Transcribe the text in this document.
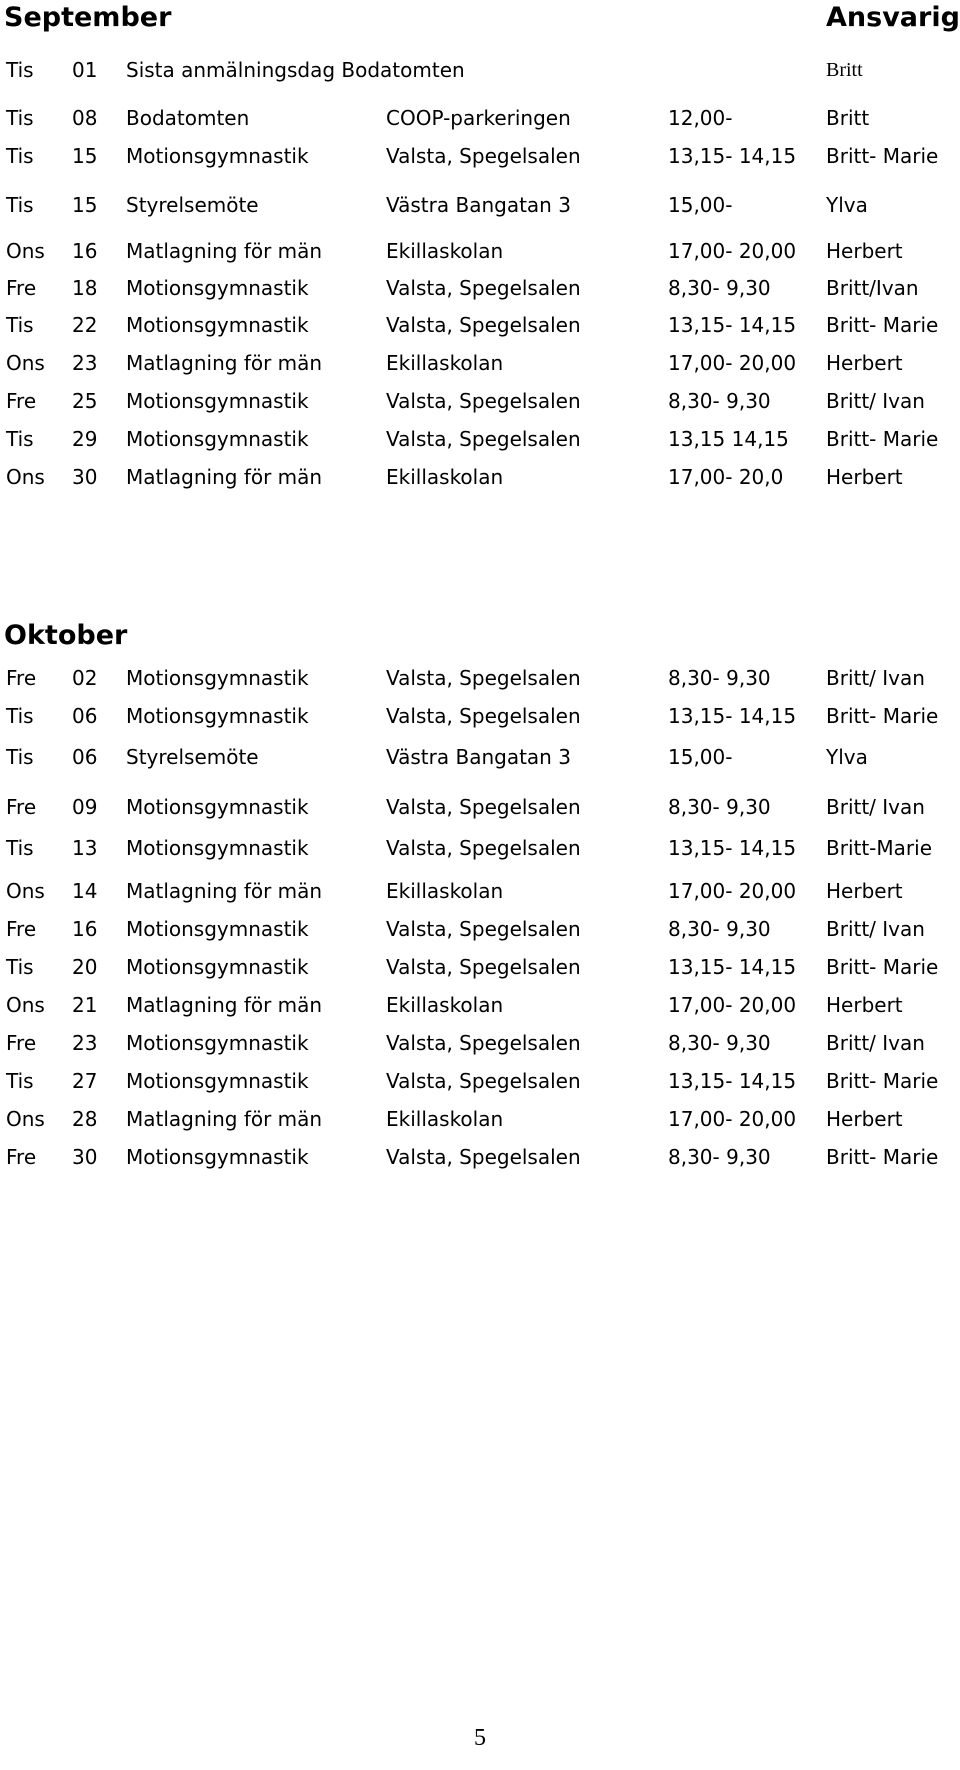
September	Ansvarig
Tis 01 Sista anmälningsdag Bodatomten	Britt
Tis 08 Bodatomten	COOP-parkeringen	12,00-	Britt
Tis 15 Motionsgymnastik	Valsta, Spegelsalen	13,15- 14,15 Britt- Marie
Tis 15 Styrelsemöte	Västra Bangatan 3	15,00-	Ylva
Ons 16 Matlagning för män	Ekillaskolan	17,00- 20,00 Herbert
Fre 18 Motionsgymnastik	Valsta, Spegelsalen	8,30- 9,30	Britt/Ivan
Tis 22 Motionsgymnastik	Valsta, Spegelsalen	13,15- 14,15 Britt- Marie
Ons 23 Matlagning för män	Ekillaskolan	17,00- 20,00 Herbert
Fre 25 Motionsgymnastik	Valsta, Spegelsalen	8,30- 9,30	Britt/ Ivan
Tis 29 Motionsgymnastik	Valsta, Spegelsalen	13,15 14,15 Britt- Marie
Ons 30 Matlagning för män	Ekillaskolan	17,00- 20,0 Herbert
Oktober
Fre 02 Motionsgymnastik	Valsta, Spegelsalen	8,30- 9,30	Britt/ Ivan
Tis 06 Motionsgymnastik	Valsta, Spegelsalen	13,15- 14,15 Britt- Marie
Tis 06 Styrelsemöte	Västra Bangatan 3	15,00-	Ylva
Fre 09 Motionsgymnastik	Valsta, Spegelsalen	8,30- 9,30	Britt/ Ivan
Tis 13 Motionsgymnastik	Valsta, Spegelsalen	13,15- 14,15 Britt-Marie
Ons 14 Matlagning för män	Ekillaskolan	17,00- 20,00 Herbert
Fre 16 Motionsgymnastik	Valsta, Spegelsalen	8,30- 9,30	Britt/ Ivan
Tis 20 Motionsgymnastik	Valsta, Spegelsalen	13,15- 14,15 Britt- Marie
Ons 21 Matlagning för män	Ekillaskolan	17,00- 20,00 Herbert
Fre 23 Motionsgymnastik	Valsta, Spegelsalen	8,30- 9,30	Britt/ Ivan
Tis 27 Motionsgymnastik	Valsta, Spegelsalen	13,15- 14,15 Britt- Marie
Ons 28 Matlagning för män	Ekillaskolan	17,00- 20,00 Herbert
Fre 30 Motionsgymnastik	Valsta, Spegelsalen	8,30- 9,30	Britt- Marie
5
